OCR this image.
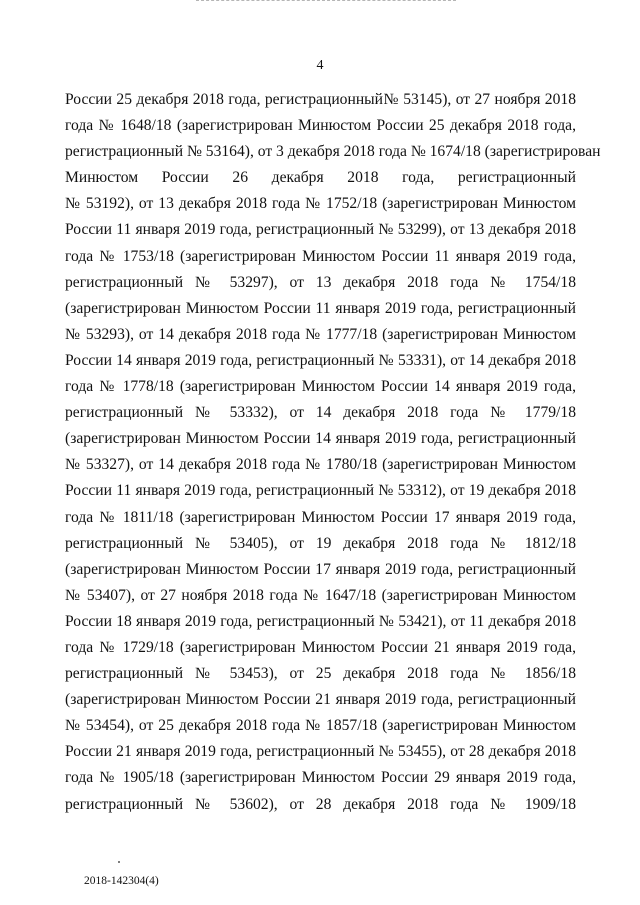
4
России 25 декабря 2018 года, регистрационный№ 53145), от 27 ноября 2018
года № 1648/18 (зарегистрирован Минюстом России 25 декабря 2018 года,
регистрационный № 53164), от 3 декабря 2018 года № 1674/18 (зарегистрирован
Минюстом России 26 декабря 2018 года, регистрационный
№ 53192), от 13 декабря 2018 года № 1752/18 (зарегистрирован Минюстом
России 11 января 2019 года, регистрационный № 53299), от 13 декабря 2018
года № 1753/18 (зарегистрирован Минюстом России 11 января 2019 года,
регистрационный № 53297), от 13 декабря 2018 года № 1754/18
(зарегистрирован Минюстом России 11 января 2019 года, регистрационный
№ 53293), от 14 декабря 2018 года № 1777/18 (зарегистрирован Минюстом
России 14 января 2019 года, регистрационный № 53331), от 14 декабря 2018
года № 1778/18 (зарегистрирован Минюстом России 14 января 2019 года,
регистрационный № 53332), от 14 декабря 2018 года № 1779/18
(зарегистрирован Минюстом России 14 января 2019 года, регистрационный
№ 53327), от 14 декабря 2018 года № 1780/18 (зарегистрирован Минюстом
России 11 января 2019 года, регистрационный № 53312), от 19 декабря 2018
года № 1811/18 (зарегистрирован Минюстом России 17 января 2019 года,
регистрационный № 53405), от 19 декабря 2018 года № 1812/18
(зарегистрирован Минюстом России 17 января 2019 года, регистрационный
№ 53407), от 27 ноября 2018 года № 1647/18 (зарегистрирован Минюстом
России 18 января 2019 года, регистрационный № 53421), от 11 декабря 2018
года № 1729/18 (зарегистрирован Минюстом России 21 января 2019 года,
регистрационный № 53453), от 25 декабря 2018 года № 1856/18
(зарегистрирован Минюстом России 21 января 2019 года, регистрационный
№ 53454), от 25 декабря 2018 года № 1857/18 (зарегистрирован Минюстом
России 21 января 2019 года, регистрационный № 53455), от 28 декабря 2018
года № 1905/18 (зарегистрирован Минюстом России 29 января 2019 года,
регистрационный № 53602), от 28 декабря 2018 года № 1909/18
2018-142304(4)
